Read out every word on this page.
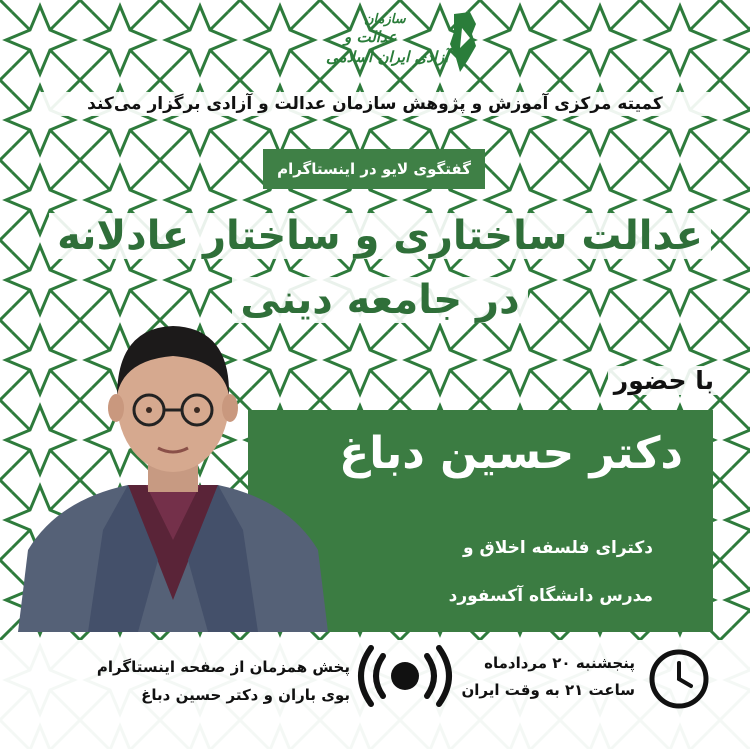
سازمان
عدالت و
آزادی ایران اسلامی
کمیته مرکزی آموزش و پژوهش سازمان عدالت و آزادی برگزار می‌کند
گفتگوی لایو در اینستاگرام
عدالت ساختاری و ساختار عادلانه
در جامعه دینی
با حضور
دکتر حسین دباغ
دکترای فلسفه اخلاق و
مدرس دانشگاه آکسفورد
پنجشنبه ۲۰ مردادماه
ساعت ۲۱ به وقت ایران
پخش همزمان از صفحه اینستاگرام
بوی باران و دکتر حسین دباغ
